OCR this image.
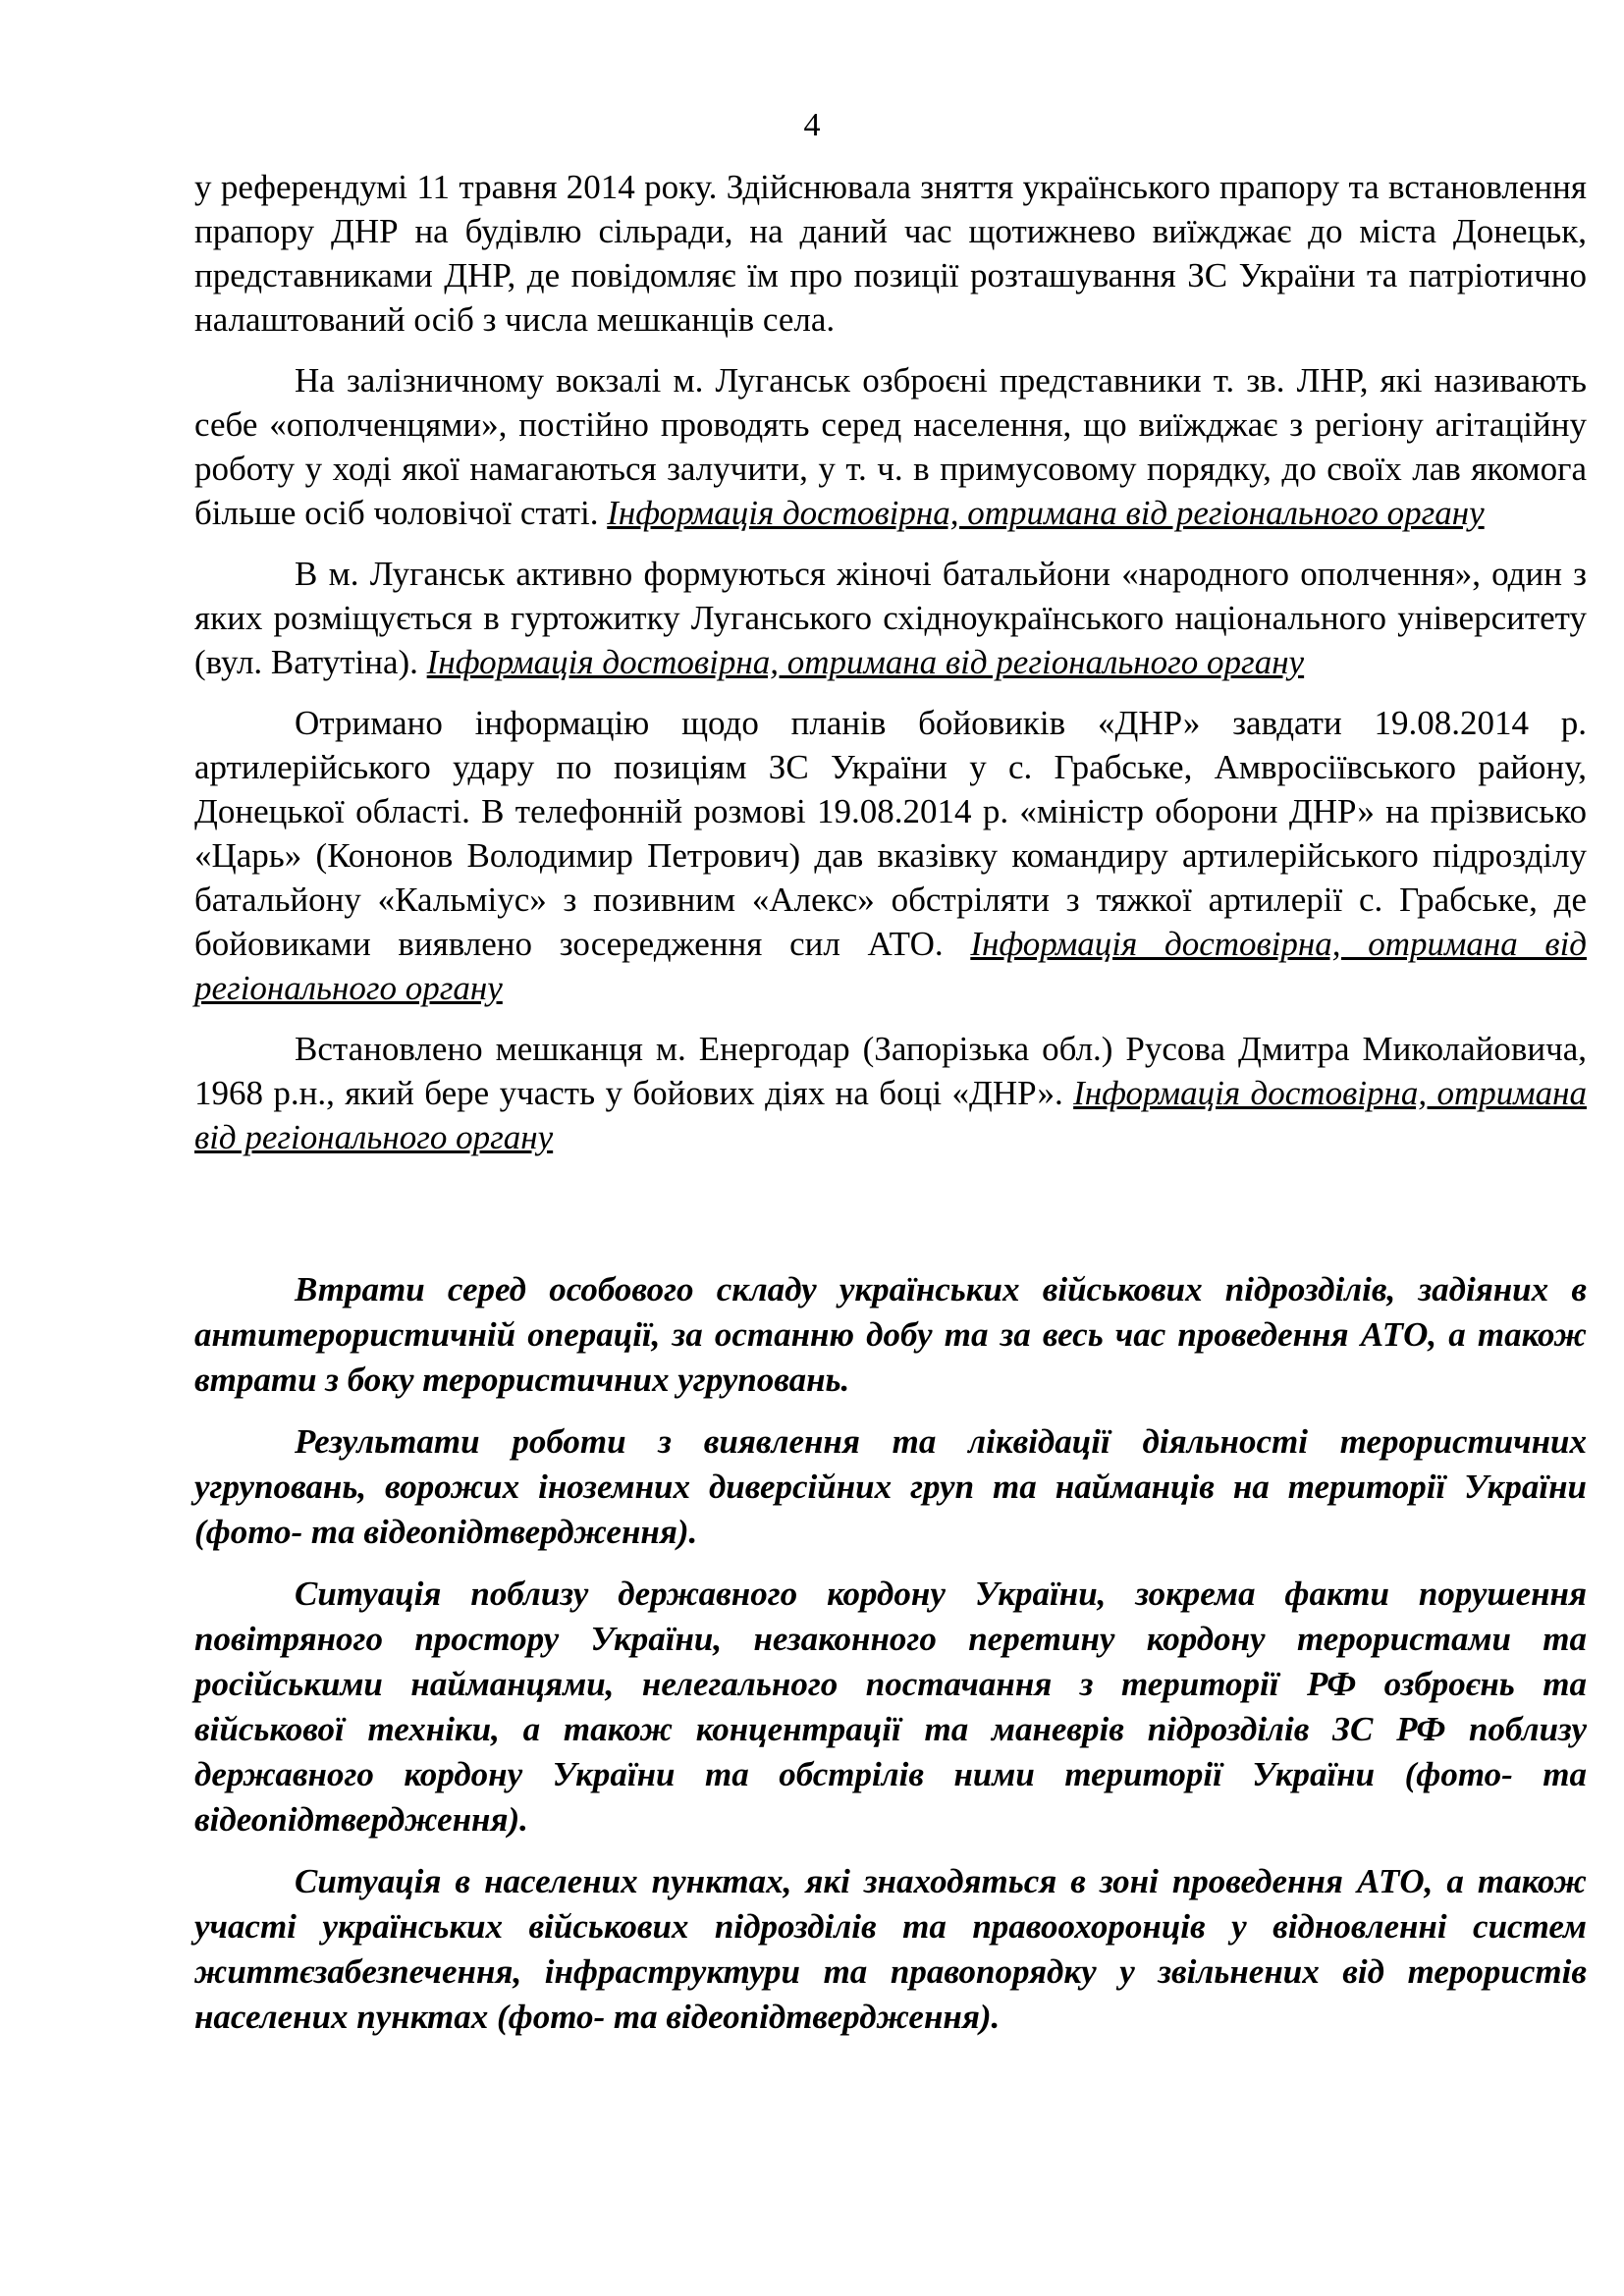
4

у референдумі 11 травня 2014 року. Здійснювала зняття українського прапору та встановлення прапору ДНР на будівлю сільради, на даний час щотижнево виїжджає до міста Донецьк, представниками ДНР, де повідомляє їм про позиції розташування ЗС України та патріотично налаштований осіб з числа мешканців села.

На залізничному вокзалі м. Луганськ озброєні представники т. зв. ЛНР, які називають себе «ополченцями», постійно проводять серед населення, що виїжджає з регіону агітаційну роботу у ході якої намагаються залучити, у т. ч. в примусовому порядку, до своїх лав якомога більше осіб чоловічої статі. Інформація достовірна, отримана від регіонального органу

В м. Луганськ активно формуються жіночі батальйони «народного ополчення», один з яких розміщується в гуртожитку Луганського східноукраїнського національного університету (вул. Ватутіна). Інформація достовірна, отримана від регіонального органу

Отримано інформацію щодо планів бойовиків «ДНР» завдати 19.08.2014 р. артилерійського удару по позиціям ЗС України у с. Грабське, Амвросіївського району, Донецької області. В телефонній розмові 19.08.2014 р. «міністр оборони ДНР» на прізвисько «Царь» (Кононов Володимир Петрович) дав вказівку командиру артилерійського підрозділу батальйону «Кальміус» з позивним «Алекс» обстріляти з тяжкої артилерії с. Грабське, де бойовиками виявлено зосередження сил АТО. Інформація достовірна, отримана від регіонального органу

Встановлено мешканця м. Енергодар (Запорізька обл.) Русова Дмитра Миколайовича, 1968 р.н., який бере участь у бойових діях на боці «ДНР». Інформація достовірна, отримана від регіонального органу

Втрати серед особового складу українських військових підрозділів, задіяних в антитерористичній операції, за останню добу та за весь час проведення АТО, а також втрати з боку терористичних угруповань.

Результати роботи з виявлення та ліквідації діяльності терористичних угруповань, ворожих іноземних диверсійних груп та найманців на території України (фото- та відеопідтвердження).

Ситуація поблизу державного кордону України, зокрема факти порушення повітряного простору України, незаконного перетину кордону терористами та російськими найманцями, нелегального постачання з території РФ озброєнь та військової техніки, а також концентрації та маневрів підрозділів ЗС РФ поблизу державного кордону України та обстрілів ними території України (фото- та відеопідтвердження).

Ситуація в населених пунктах, які знаходяться в зоні проведення АТО, а також участі українських військових підрозділів та правоохоронців у відновленні систем життєзабезпечення, інфраструктури та правопорядку у звільнених від терористів населених пунктах (фото- та відеопідтвердження).
